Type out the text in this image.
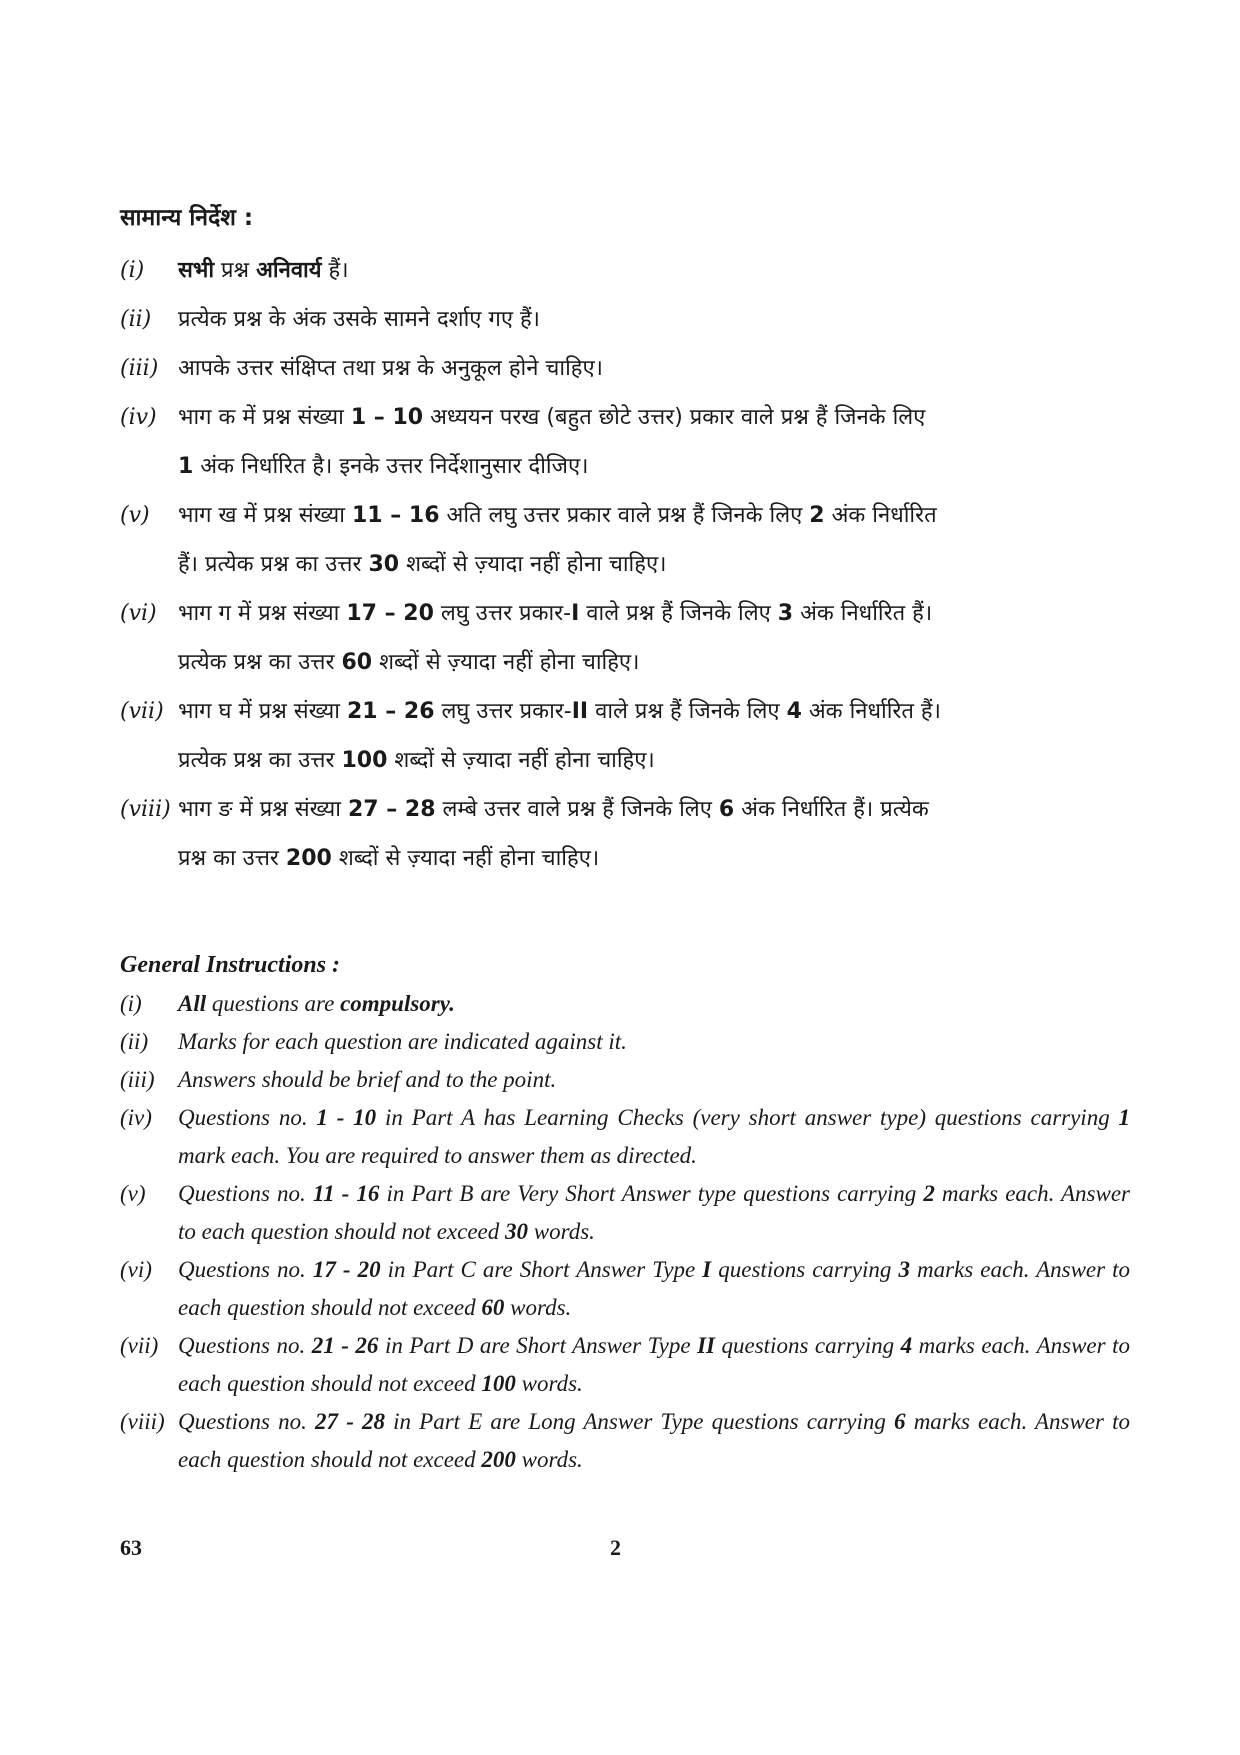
सामान्य निर्देश :
(i)	सभी प्रश्न अनिवार्य हैं।
(ii)	प्रत्येक प्रश्न के अंक उसके सामने दर्शाए गए हैं।
(iii) आपके उत्तर संक्षिप्त तथा प्रश्न के अनुकूल होने चाहिए।
(iv) भाग क में प्रश्न संख्या 1 – 10 अध्ययन परख (बहुत छोटे उत्तर) प्रकार वाले प्रश्न हैं जिनके लिए
1 अंक निर्धारित है। इनके उत्तर निर्देशानुसार दीजिए।
(v)	भाग ख में प्रश्न संख्या 11 – 16 अति लघु उत्तर प्रकार वाले प्रश्न हैं जिनके लिए 2 अंक निर्धारित
हैं। प्रत्येक प्रश्न का उत्तर 30 शब्दों से ज़्यादा नहीं होना चाहिए।
(vi) भाग ग में प्रश्न संख्या 17 – 20 लघु उत्तर प्रकार-I वाले प्रश्न हैं जिनके लिए 3 अंक निर्धारित हैं।
प्रत्येक प्रश्न का उत्तर 60 शब्दों से ज़्यादा नहीं होना चाहिए।
(vii) भाग घ में प्रश्न संख्या 21 – 26 लघु उत्तर प्रकार-II वाले प्रश्न हैं जिनके लिए 4 अंक निर्धारित हैं।
प्रत्येक प्रश्न का उत्तर 100 शब्दों से ज़्यादा नहीं होना चाहिए।
(viii) भाग ङ में प्रश्न संख्या 27 – 28 लम्बे उत्तर वाले प्रश्न हैं जिनके लिए 6 अंक निर्धारित हैं। प्रत्येक
प्रश्न का उत्तर 200 शब्दों से ज़्यादा नहीं होना चाहिए।
General Instructions :
(i)	All questions are compulsory.
(ii)	Marks for each question are indicated against it.
(iii)	Answers should be brief and to the point.
(iv)	Questions no. 1 - 10 in Part A has Learning Checks (very short answer type) questions carrying 1 mark each. You are required to answer them as directed.
(v)	Questions no. 11 - 16 in Part B are Very Short Answer type questions carrying 2 marks each. Answer to each question should not exceed 30 words.
(vi)	Questions no. 17 - 20 in Part C are Short Answer Type I questions carrying 3 marks each. Answer to each question should not exceed 60 words.
(vii) Questions no. 21 - 26 in Part D are Short Answer Type II questions carrying 4 marks each. Answer to each question should not exceed 100 words.
(viii) Questions no. 27 - 28 in Part E are Long Answer Type questions carrying 6 marks each. Answer to each question should not exceed 200 words.
63	2
